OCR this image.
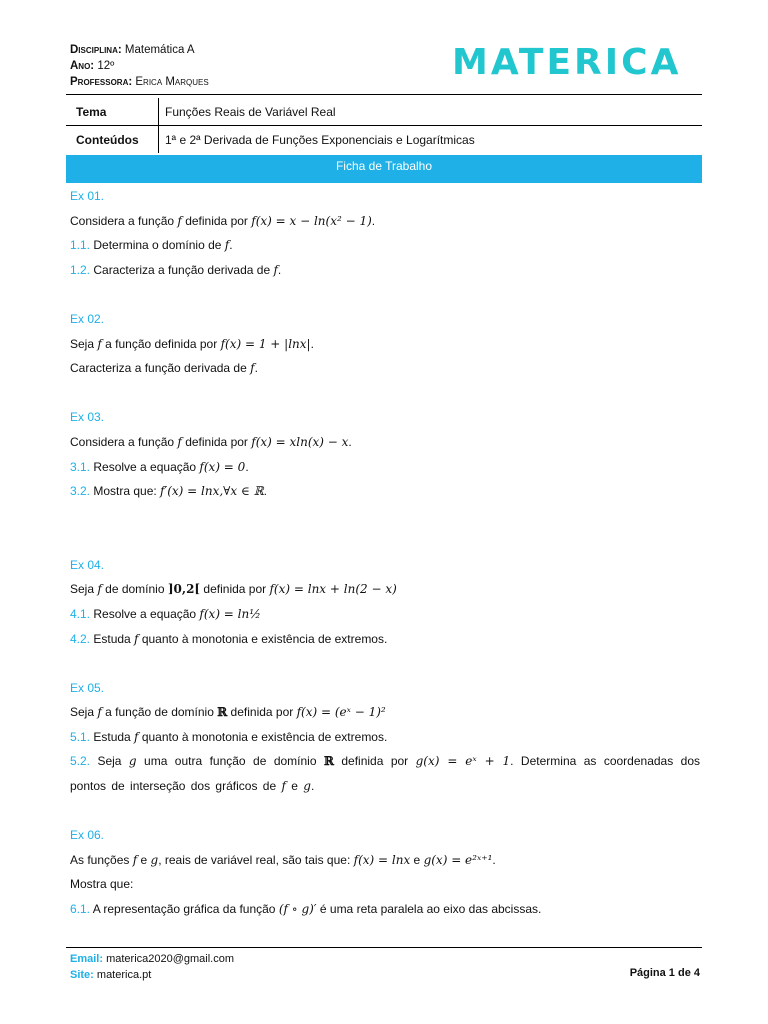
Disciplina: Matemática A
Ano: 12º
Professora: Erica Marques	MATERICA
Tema	Funções Reais de Variável Real
Conteúdos	1ª e 2ª Derivada de Funções Exponenciais e Logarítmicas
Ficha de Trabalho

Ex 01.

Considera a função f definida por f(x) = x − ln(x² − 1).

1.1. Determina o domínio de f.

1.2. Caracteriza a função derivada de f.

Ex 02.

Seja f a função definida por f(x) = 1 + |lnx|.

Caracteriza a função derivada de f.

Ex 03.

Considera a função f definida por f(x) = xln(x) − x.

3.1. Resolve a equação f(x) = 0.

3.2. Mostra que: f′(x) = lnx,∀x ∈ ℝ.

Ex 04.

Seja f de domínio ]0,2[ definida por f(x) = lnx + ln(2 − x)

4.1. Resolve a equação f(x) = ln½

4.2. Estuda f quanto à monotonia e existência de extremos.

Ex 05.

Seja f a função de domínio ℝ definida por f(x) = (eˣ − 1)²

5.1. Estuda f quanto à monotonia e existência de extremos.

5.2. Seja g uma outra função de domínio ℝ definida por g(x) = eˣ + 1. Determina as coordenadas dos pontos de interseção dos gráficos de f e g.

Ex 06.

As funções f e g, reais de variável real, são tais que: f(x) = lnx e g(x) = e²ˣ⁺¹.

Mostra que:

6.1. A representação gráfica da função (f ∘ g)′ é uma reta paralela ao eixo das abcissas.

Email: materica2020@gmail.com
Site: materica.pt	Página 1 de 4
